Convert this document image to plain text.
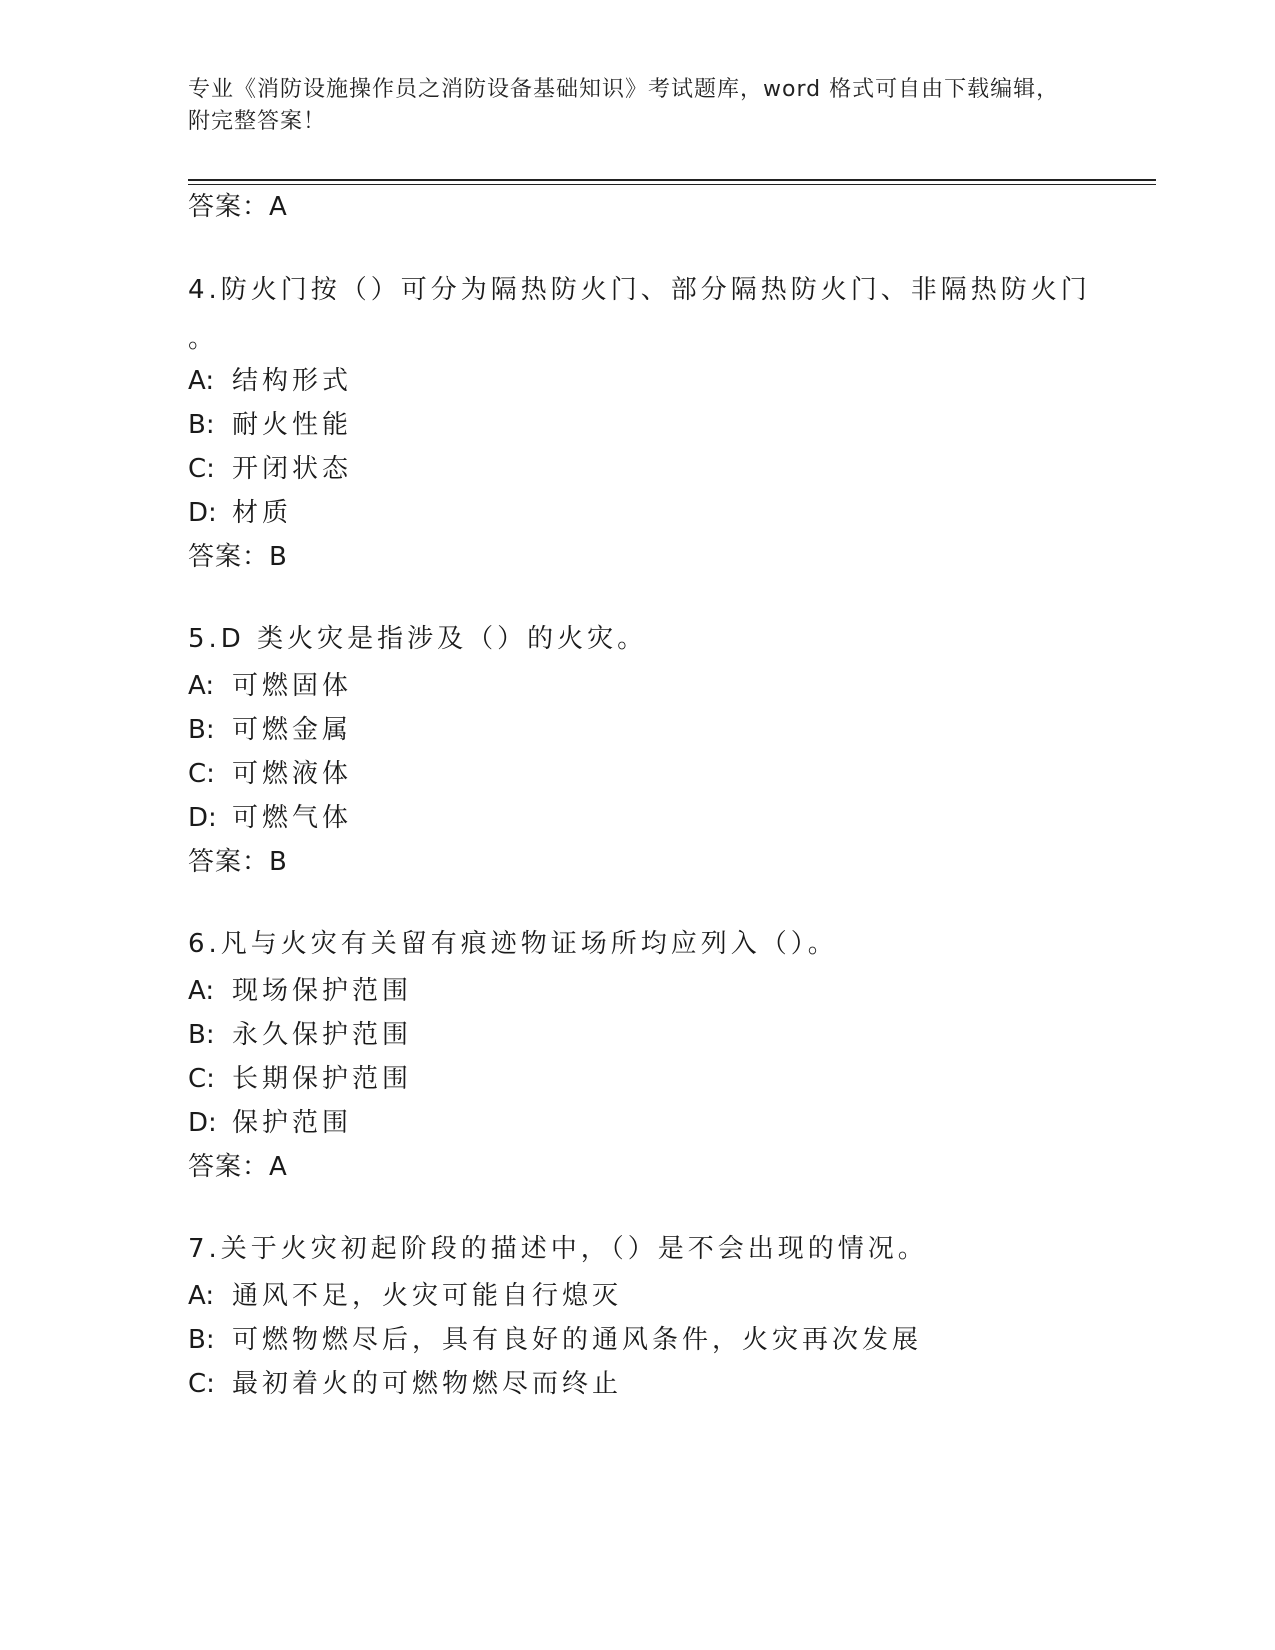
专业《消防设施操作员之消防设备基础知识》考试题库，word 格式可自由下载编辑，附完整答案！
答案：A
4.防火门按（）可分为隔热防火门、部分隔热防火门、非隔热防火门
。
A: 结构形式
B: 耐火性能
C: 开闭状态
D: 材质
答案：B
5.D 类火灾是指涉及（）的火灾。
A: 可燃固体
B: 可燃金属
C: 可燃液体
D: 可燃气体
答案：B
6.凡与火灾有关留有痕迹物证场所均应列入（）。
A: 现场保护范围
B: 永久保护范围
C: 长期保护范围
D: 保护范围
答案：A
7.关于火灾初起阶段的描述中，（）是不会出现的情况。
A: 通风不足，火灾可能自行熄灭
B: 可燃物燃尽后，具有良好的通风条件，火灾再次发展
C: 最初着火的可燃物燃尽而终止
